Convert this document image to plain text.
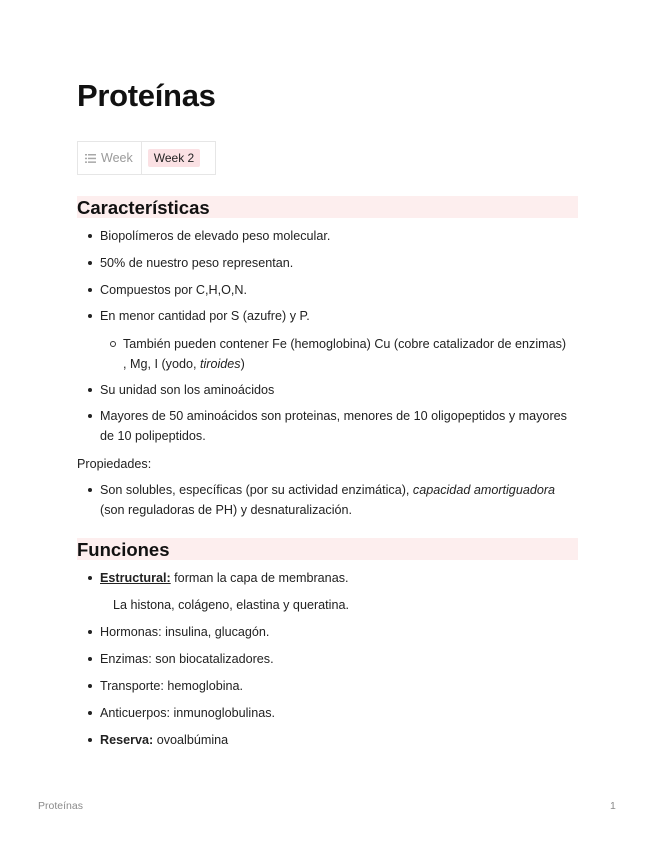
Proteínas
Week	Week 2
Características
Biopolímeros de elevado peso molecular.
50% de nuestro peso representan.
Compuestos por C,H,O,N.
En menor cantidad por S (azufre) y P.
También pueden contener Fe (hemoglobina) Cu (cobre catalizador de enzimas)
, Mg, I (yodo, tiroides)
Su unidad son los aminoácidos
Mayores de 50 aminoácidos son proteinas, menores de 10 oligopeptidos y mayores
de 10 polipeptidos.
Propiedades:
Son solubles, específicas (por su actividad enzimática), capacidad amortiguadora
(son reguladoras de PH) y desnaturalización.
Funciones
Estructural: forman la capa de membranas.
La histona, colágeno, elastina y queratina.
Hormonas: insulina, glucagón.
Enzimas: son biocatalizadores.
Transporte: hemoglobina.
Anticuerpos: inmunoglobulinas.
Reserva: ovoalbúmina
Proteínas	1
